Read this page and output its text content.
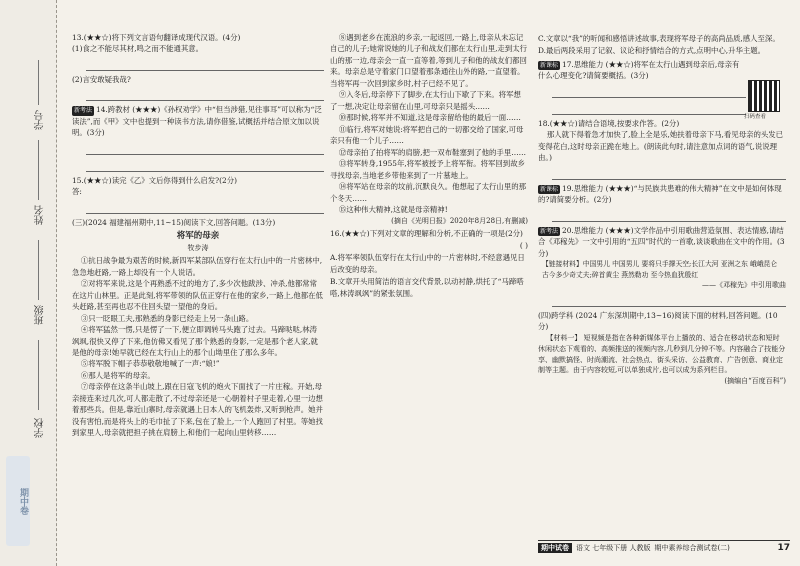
学号
姓名
班级
学校
期中卷

13.(★★☆)将下列文言语句翻译成现代汉语。(4分)

(1)食之不能尽其材,鸣之而不能通其意。

(2)言安敢疑我哉?

新考法 14.跨教材 (★★★)《孙权劝学》中“但当涉猎,见往事耳”可以称为“泛读法”,而《甲》文中也提到一种读书方法,请你借鉴,试概括并结合原文加以说明。(3分)

15.(★★☆)读完《乙》文后你得到什么启发?(2分)

答:

(三)(2024 福建福州期中,11~15)阅读下文,回答问题。(13分)

将军的母亲

牧步涛

①抗日战争最为艰苦的时候,新四军某部队伍穿行在太行山中的一片密林中,急急地赶路,一路上却没有一个人说话。

②对将军来说,这是个再熟悉不过的地方了,多少次他跋涉、冲杀,他都常常在这片山林里。正是此刻,将军带领的队伍正穿行在他的家乡,一路上,他都在低头赶路,甚至再也忍不住回头望一望他的身后。

③只一眨眼工夫,那熟悉的身影已经走上另一条山路。

④将军猛然一愣,只是愣了一下,便立即调转马头跑了过去。马蹄哒哒,林涛飒飒,很快又停了下来,他仿佛又看见了那个熟悉的身影,一定是那个老人家,就是他的母亲!她早就已经在太行山上的那个山坳里住了那么多年。

⑤将军脱下帽子恭恭敬敬地喊了一声:“娘!”

⑥那人是将军的母亲。

⑦母亲停在这条半山坡上,跟在日寇飞机的炮火下面找了一片庄稼。开始,母亲接连来过几次,可人都走散了,不过母亲还是一心朝着村子里走着,心里一边想着那些兵。但是,靠近山寨时,母亲就遇上日本人的飞机轰炸,又听到枪声。她并没有害怕,而是将头上的毛巾扯了下来,包在了脸上,一个人跑回了村里。等她找到家里人,母亲就把担子挑在肩膀上,和他们一起向山里转移……

⑧遇到老乡在流浪的乡亲,一起返回,一路上,母亲从未忘记自己的儿子;她常说她的儿子和战友们都在太行山里,走到太行山的那一边,母亲会一直一直等着,等到儿子和他的战友们都回来。母亲总是守着家门口望着那条通往山外的路,一直望着。当将军再一次回到家乡时,村子已经不见了。

⑨入冬后,母亲停下了脚步,在太行山下歇了下来。将军想了一想,决定让母亲留在山里,可母亲只是摇头……

⑩那时候,将军并不知道,这是母亲留给他的最后一面……

⑪临行,将军对她说:将军把自己的一切都交给了国家,可母亲只有他一个儿子……

⑫母亲拍了拍将军的肩膀,把一双布鞋塞到了他的手里……

⑬将军转身,1955年,将军被授予上将军衔。将军回到故乡寻找母亲,当地老乡带他来到了一片墓地上。

⑭将军站在母亲的坟前,沉默良久。他想起了太行山里的那个冬天……

⑮这种伟大精神,这就是母亲精神!

(摘自《光明日报》2020年8月28日,有删减)

16.(★★☆)下列对文章的理解和分析,不正确的一项是(2分)

( )

A.将军率领队伍穿行在太行山中的一片密林时,不经意遇见日后改变的母亲。

B.文章开头用简洁的语言交代背景,以动衬静,烘托了“马蹄嗒嗒,林涛飒飒”的紧张氛围。

C.文章以“我”的听闻和感悟讲述故事,表现将军母子的高尚品质,感人至深。

D.最后两段采用了记叙、议论和抒情结合的方式,点明中心,升华主题。

新课标 17.思维能力 (★★☆)将军在太行山遇到母亲后,母亲有什么心理变化?请简要概括。(3分)

18.(★★☆)请结合语境,按要求作答。(2分)

那人就下得着急才加快了,脸上全是乐,她扶着母亲下马,看见母亲的头发已变得花白,这时母亲正跪在地上。(朗读此句时,请注意加点词的语气,说说理由。)

新课标 19.思维能力 (★★★)“与民族共患难的伟大精神”在文中是如何体现的?请简要分析。(2分)

新考法 20.思维能力 (★★★)文学作品中引用歌曲营造氛围、表达情感,请结合《邓稼先》一文中引用的“五四”时代的一首歌,谈谈歌曲在文中的作用。(3分)

【链接材料】中国男儿 中国男儿 要将只手撑天空;长江大河 亚洲之东 峨峨昆仑 古今多少奇丈夫;碎首黄尘 燕然勒功 至今热血犹殷红

——《邓稼先》中引用歌曲

(四)跨学科 (2024 广东深圳期中,13~16)阅读下面的材料,回答问题。(10分)

【材料一】 短视频是指在各种新媒体平台上播放的、适合在移动状态和短时休闲状态下观看的、高频推送的视频内容,几秒到几分钟不等。内容融合了技能分享、幽默搞怪、时尚潮流、社会热点、街头采访、公益教育、广告创意、商业定制等主题。由于内容较短,可以单独成片,也可以成为系列栏目。

(摘编自“百度百科”)

扫码查看
期中试卷	语文 七年级下册 人教版 期中素养综合测试卷(二)	17
